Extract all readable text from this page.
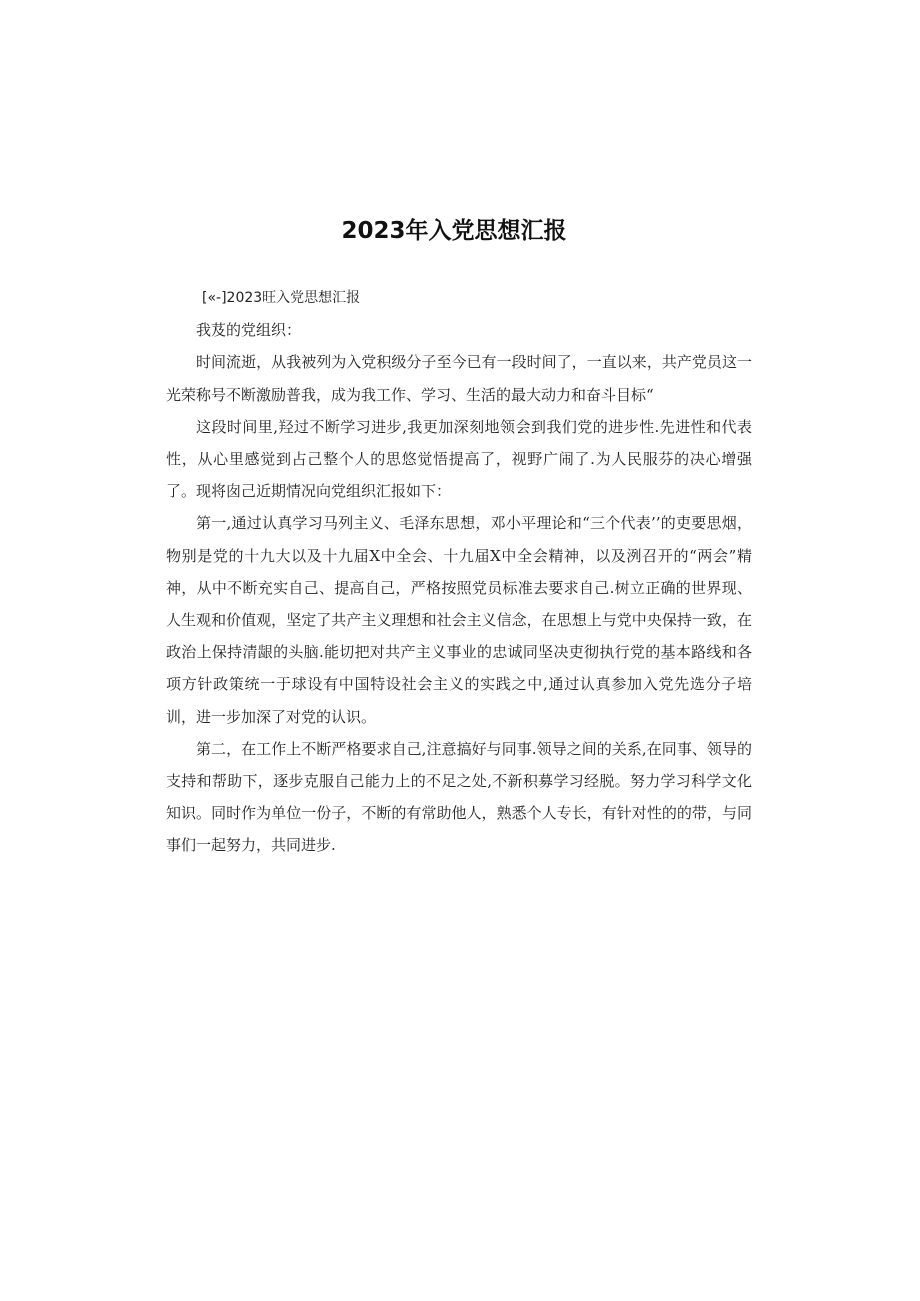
2023年入党思想汇报

[«-]2023旺入党思想汇报

我芨的党组织：

时间流逝，从我被列为入党积级分子至今已有一段时间了，一直以来，共产党员这一光荣称号不断激励普我，成为我工作、学习、生活的最大动力和奋斗目标“

这段时间里,羟过不断学习进步,我更加深刻地领会到我们党的进步性.先进性和代表性，从心里感觉到占己整个人的思悠觉悟提高了，视野广闹了.为人民服芬的决心增强了。现将囱己近期情况向党组织汇报如下：

第一,通过认真学习马列主义、毛泽东思想，邓小平理论和“三个代表’’的吏要思烟，物别是党的十九大以及十九届X中全会、十九届X中全会精神，以及洌召开的“两会”精神，从中不断充实自己、提高自己，严格按照党员标准去要求自己.树立正确的世界现、人生观和价值观，坚定了共产主义理想和社会主义信念，在思想上与党中央保持一致，在政治上保持清龈的头脑.能切把对共产主义事业的忠诚同坚决吏彻执行党的基本路线和各项方针政策统一于球设有中国特设社会主义的实践之中,通过认真参加入党先选分子培训，进一步加深了对党的认识。

第二，在工作上不断严格要求自己,注意搞好与同事.领导之间的关系,在同事、领导的支持和帮助下，逐步克服自己能力上的不足之处,不新积募学习经脱。努力学习科学文化知识。同时作为单位一份子，不断的有常助他人，熟悉个人专长，有针对性的的带，与同事们一起努力，共同进步.
